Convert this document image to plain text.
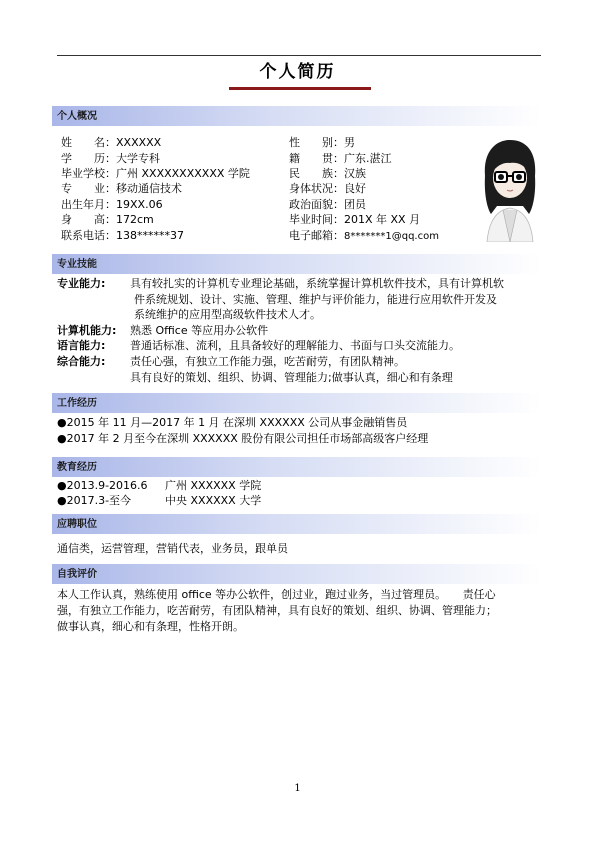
个人简历
个人概况
姓　　名：XXXXXX
学　　历：大学专科
毕业学校：广州 XXXXXXXXXXX 学院
专　　业：移动通信技术
出生年月：19XX.06
身　　高：172cm
联系电话：138******37
性　　别：男
籍　　贯：广东.湛江
民　　族：汉族
身体状况：良好
政治面貌：团员
毕业时间：201X 年 XX 月
电子邮箱：8*******1@qq.com
专业技能
专业能力: 具有较扎实的计算机专业理论基础，系统掌握计算机软件技术，具有计算机软
件系统规划、设计、实施、管理、维护与评价能力，能进行应用软件开发及
系统维护的应用型高级软件技术人才。
计算机能力: 熟悉 Office 等应用办公软件
语言能力: 普通话标准、流利，且具备较好的理解能力、书面与口头交流能力。
综合能力: 责任心强，有独立工作能力强，吃苦耐劳，有团队精神。
具有良好的策划、组织、协调、管理能力;做事认真，细心和有条理
工作经历
●2015 年 11 月—2017 年 1 月 在深圳 XXXXXX 公司从事金融销售员
●2017 年 2 月至今在深圳 XXXXXX 股份有限公司担任市场部高级客户经理
教育经历
●2013.9-2016.6 广州 XXXXXX 学院
●2017.3-至今	中央 XXXXXX 大学
应聘职位
通信类，运营管理，营销代表，业务员，跟单员
自我评价
本人工作认真，熟练使用 office 等办公软件，创过业，跑过业务，当过管理员。　　责任心
强，有独立工作能力，吃苦耐劳，有团队精神，具有良好的策划、组织、协调、管理能力；
做事认真，细心和有条理，性格开朗。
1
